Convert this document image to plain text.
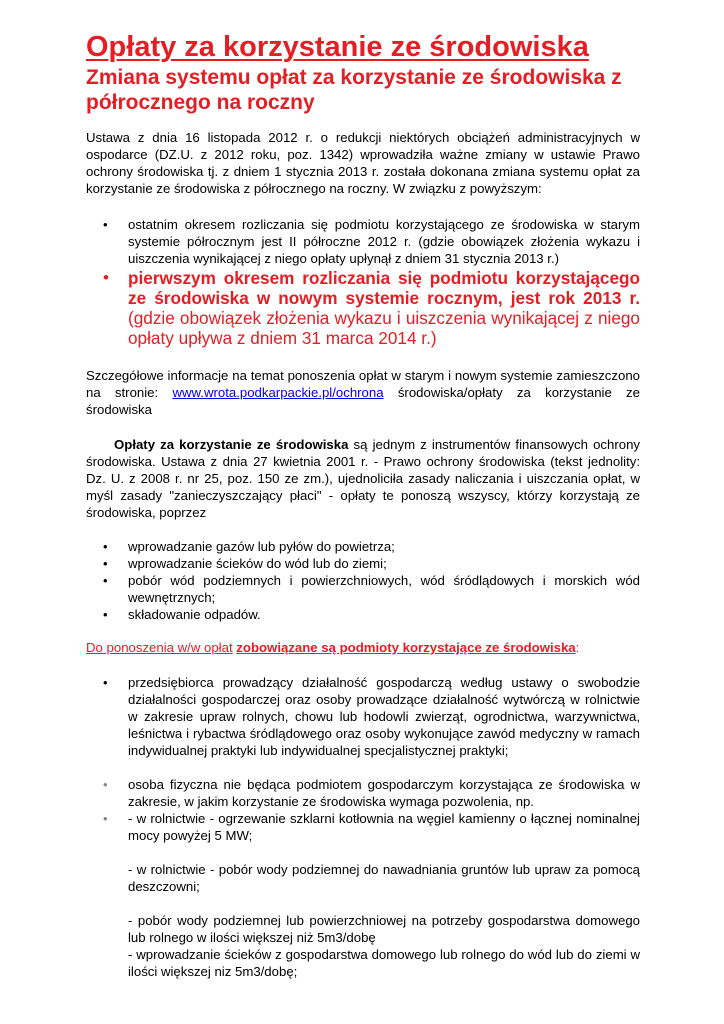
Opłaty za korzystanie ze środowiska
Zmiana systemu opłat za korzystanie ze środowiska z półrocznego na roczny

Ustawa z dnia 16 listopada 2012 r. o redukcji niektórych obciążeń administracyjnych w ospodarce (DZ.U. z 2012 roku, poz. 1342) wprowadziła ważne zmiany w ustawie Prawo ochrony środowiska tj. z dniem 1 stycznia 2013 r. została dokonana zmiana systemu opłat za korzystanie ze środowiska z półrocznego na roczny. W związku z powyższym:

• ostatnim okresem rozliczania się podmiotu korzystającego ze środowiska w starym systemie półrocznym jest II półroczne 2012 r. (gdzie obowiązek złożenia wykazu i uiszczenia wynikającej z niego opłaty upłynął z dniem 31 stycznia 2013 r.)
• pierwszym okresem rozliczania się podmiotu korzystającego ze środowiska w nowym systemie rocznym, jest rok 2013 r. (gdzie obowiązek złożenia wykazu i uiszczenia wynikającej z niego opłaty upływa z dniem 31 marca 2014 r.)

Szczegółowe informacje na temat ponoszenia opłat w starym i nowym systemie zamieszczono na stronie: www.wrota.podkarpackie.pl/ochrona środowiska/opłaty za korzystanie ze środowiska

Opłaty za korzystanie ze środowiska są jednym z instrumentów finansowych ochrony środowiska. Ustawa z dnia 27 kwietnia 2001 r. - Prawo ochrony środowiska (tekst jednolity: Dz. U. z 2008 r. nr 25, poz. 150 ze zm.), ujednoliciła zasady naliczania i uiszczania opłat, w myśl zasady "zanieczyszczający płaci" - opłaty te ponoszą wszyscy, którzy korzystają ze środowiska, poprzez

• wprowadzanie gazów lub pyłów do powietrza;
• wprowadzanie ścieków do wód lub do ziemi;
• pobór wód podziemnych i powierzchniowych, wód śródlądowych i morskich wód wewnętrznych;
• składowanie odpadów.

Do ponoszenia w/w opłat zobowiązane są podmioty korzystające ze środowiska:

• przedsiębiorca prowadzący działalność gospodarczą według ustawy o swobodzie działalności gospodarczej oraz osoby prowadzące działalność wytwórczą w rolnictwie w zakresie upraw rolnych, chowu lub hodowli zwierząt, ogrodnictwa, warzywnictwa, leśnictwa i rybactwa śródlądowego oraz osoby wykonujące zawód medyczny w ramach indywidualnej praktyki lub indywidualnej specjalistycznej praktyki;
• osoba fizyczna nie będąca podmiotem gospodarczym korzystająca ze środowiska w zakresie, w jakim korzystanie ze środowiska wymaga pozwolenia, np.
• - w rolnictwie - ogrzewanie szklarni kotłownia na węgiel kamienny o łącznej nominalnej mocy powyżej 5 MW;
- w rolnictwie - pobór wody podziemnej do nawadniania gruntów lub upraw za pomocą deszczowni;
- pobór wody podziemnej lub powierzchniowej na potrzeby gospodarstwa domowego lub rolnego w ilości większej niż 5m3/dobę
- wprowadzanie ścieków z gospodarstwa domowego lub rolnego do wód lub do ziemi w ilości większej niz 5m3/dobę;
